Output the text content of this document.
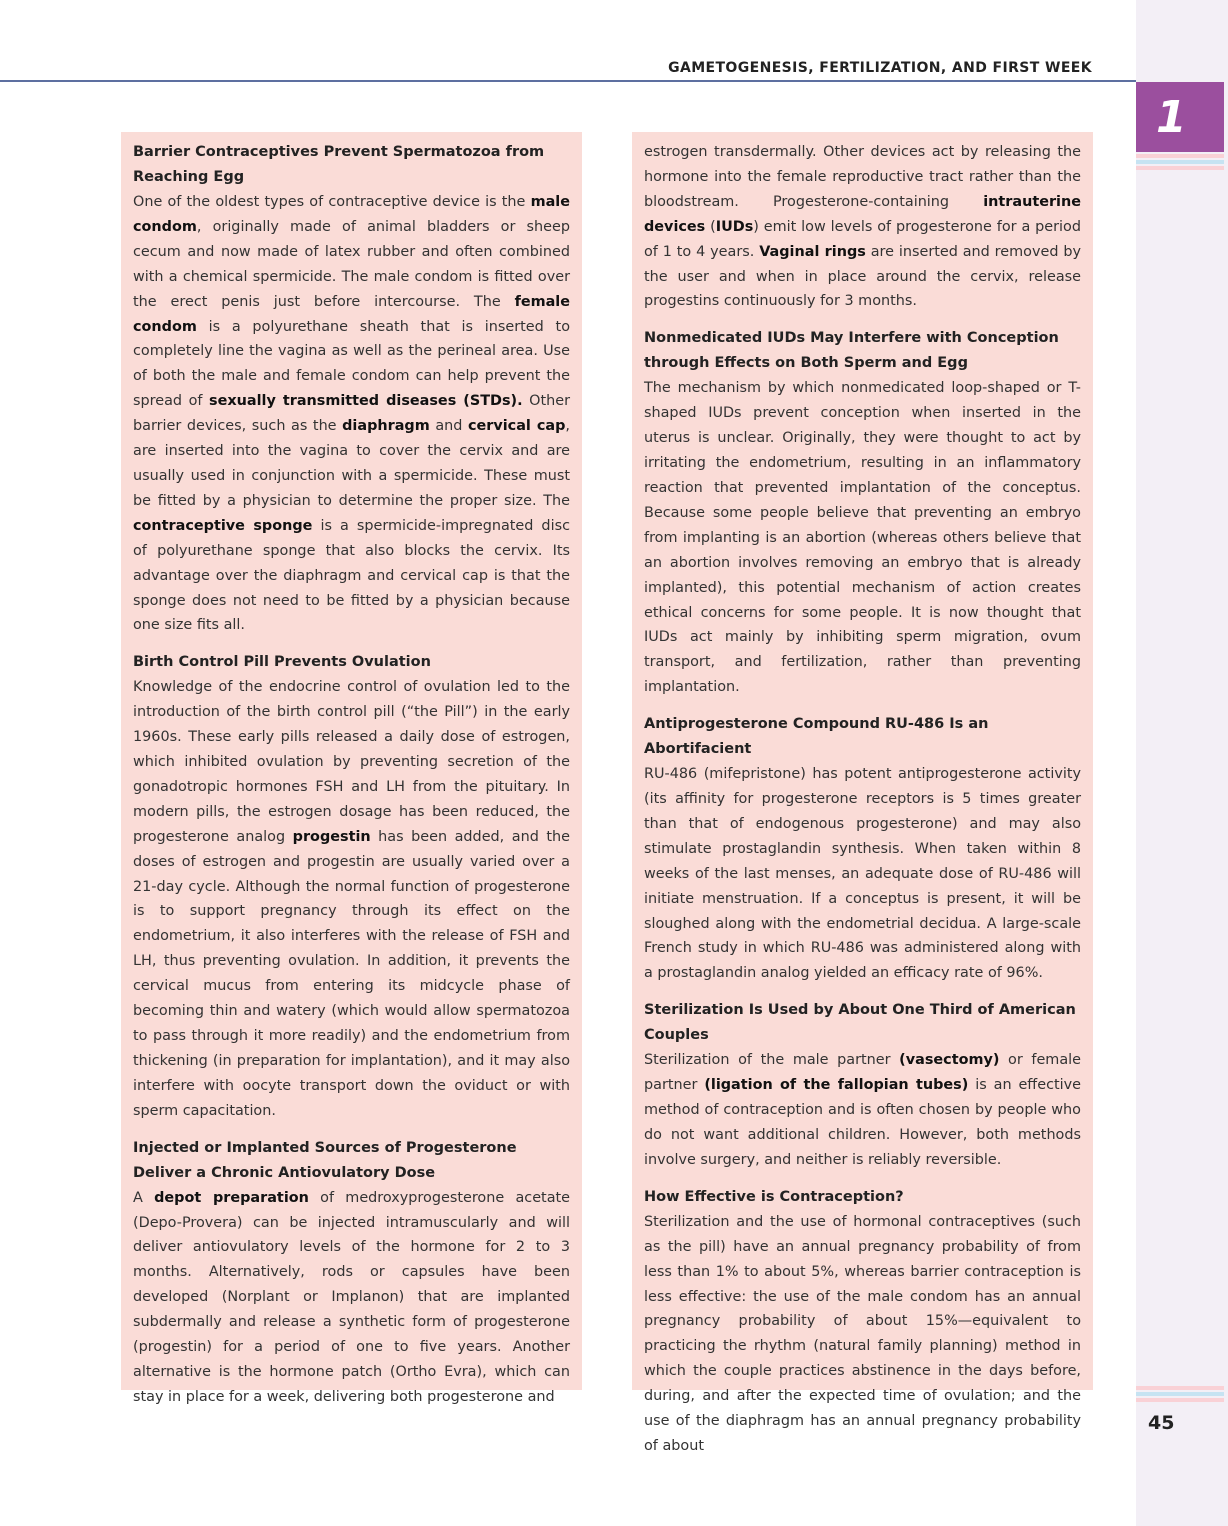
GAMETOGENESIS, FERTILIZATION, AND FIRST WEEK
1
45
Barrier Contraceptives Prevent Spermatozoa from Reaching Egg

One of the oldest types of contraceptive device is the male condom, originally made of animal bladders or sheep cecum and now made of latex rubber and often combined with a chemical spermicide. The male condom is fitted over the erect penis just before intercourse. The female condom is a polyurethane sheath that is inserted to completely line the vagina as well as the perineal area. Use of both the male and female condom can help prevent the spread of sexually transmitted diseases (STDs). Other barrier devices, such as the diaphragm and cervical cap, are inserted into the vagina to cover the cervix and are usually used in conjunction with a spermicide. These must be fitted by a physician to determine the proper size. The contraceptive sponge is a spermicide-impregnated disc of polyurethane sponge that also blocks the cervix. Its advantage over the diaphragm and cervical cap is that the sponge does not need to be fitted by a physician because one size fits all.

Birth Control Pill Prevents Ovulation

Knowledge of the endocrine control of ovulation led to the introduction of the birth control pill (“the Pill”) in the early 1960s. These early pills released a daily dose of estrogen, which inhibited ovulation by preventing secretion of the gonadotropic hormones FSH and LH from the pituitary. In modern pills, the estrogen dosage has been reduced, the progesterone analog progestin has been added, and the doses of estrogen and progestin are usually varied over a 21-day cycle. Although the normal function of progesterone is to support pregnancy through its effect on the endometrium, it also interferes with the release of FSH and LH, thus preventing ovulation. In addition, it prevents the cervical mucus from entering its midcycle phase of becoming thin and watery (which would allow spermatozoa to pass through it more readily) and the endometrium from thickening (in preparation for implantation), and it may also interfere with oocyte transport down the oviduct or with sperm capacitation.

Injected or Implanted Sources of Progesterone Deliver a Chronic Antiovulatory Dose

A depot preparation of medroxyprogesterone acetate (Depo-Provera) can be injected intramuscularly and will deliver antiovulatory levels of the hormone for 2 to 3 months. Alternatively, rods or capsules have been developed (Norplant or Implanon) that are implanted subdermally and release a synthetic form of progesterone (progestin) for a period of one to five years. Another alternative is the hormone patch (Ortho Evra), which can stay in place for a week, delivering both progesterone and

estrogen transdermally. Other devices act by releasing the hormone into the female reproductive tract rather than the bloodstream. Progesterone-containing intrauterine devices (IUDs) emit low levels of progesterone for a period of 1 to 4 years. Vaginal rings are inserted and removed by the user and when in place around the cervix, release progestins continuously for 3 months.

Nonmedicated IUDs May Interfere with Conception through Effects on Both Sperm and Egg

The mechanism by which nonmedicated loop-shaped or T-shaped IUDs prevent conception when inserted in the uterus is unclear. Originally, they were thought to act by irritating the endometrium, resulting in an inflammatory reaction that prevented implantation of the conceptus. Because some people believe that preventing an embryo from implanting is an abortion (whereas others believe that an abortion involves removing an embryo that is already implanted), this potential mechanism of action creates ethical concerns for some people. It is now thought that IUDs act mainly by inhibiting sperm migration, ovum transport, and fertilization, rather than preventing implantation.

Antiprogesterone Compound RU-486 Is an Abortifacient

RU-486 (mifepristone) has potent antiprogesterone activity (its affinity for progesterone receptors is 5 times greater than that of endogenous progesterone) and may also stimulate prostaglandin synthesis. When taken within 8 weeks of the last menses, an adequate dose of RU-486 will initiate menstruation. If a conceptus is present, it will be sloughed along with the endometrial decidua. A large-scale French study in which RU-486 was administered along with a prostaglandin analog yielded an efficacy rate of 96%.

Sterilization Is Used by About One Third of American Couples

Sterilization of the male partner (vasectomy) or female partner (ligation of the fallopian tubes) is an effective method of contraception and is often chosen by people who do not want additional children. However, both methods involve surgery, and neither is reliably reversible.

How Effective is Contraception?

Sterilization and the use of hormonal contraceptives (such as the pill) have an annual pregnancy probability of from less than 1% to about 5%, whereas barrier contraception is less effective: the use of the male condom has an annual pregnancy probability of about 15%—equivalent to practicing the rhythm (natural family planning) method in which the couple practices abstinence in the days before, during, and after the expected time of ovulation; and the use of the diaphragm has an annual pregnancy probability of about
